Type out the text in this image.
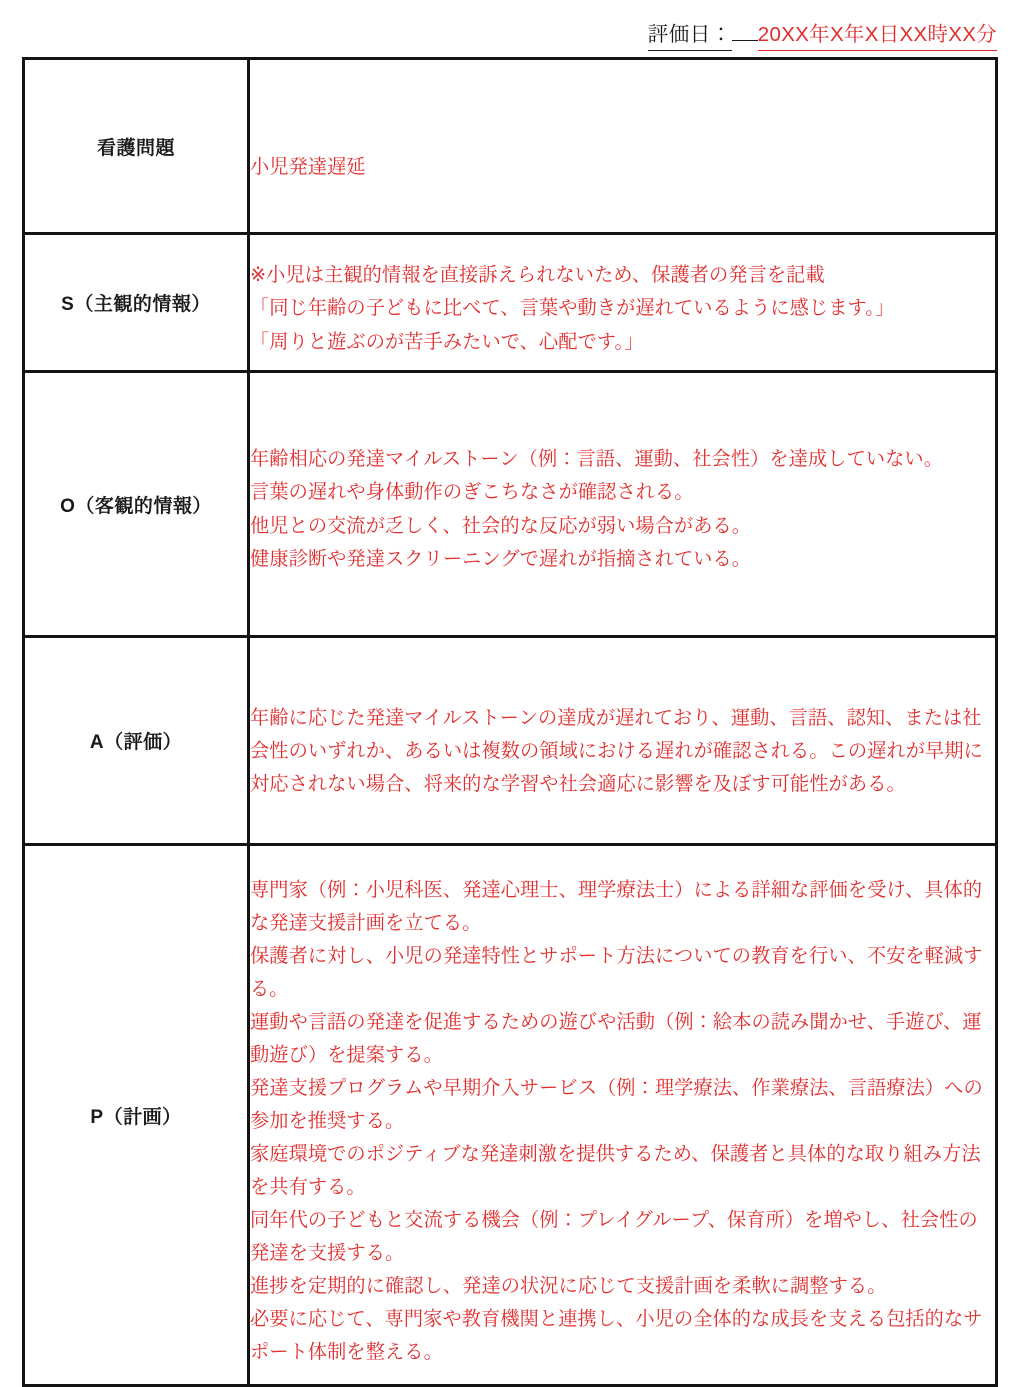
評価日： 20XX年X年X日XX時XX分
看護問題	小児発達遅延
S（主観的情報）	※小児は主観的情報を直接訴えられないため、保護者の発言を記載

「同じ年齢の子どもに比べて、言葉や動きが遅れているように感じます。」

「周りと遊ぶのが苦手みたいで、心配です。」

O（客観的情報）	年齢相応の発達マイルストーン（例：言語、運動、社会性）を達成していない。

言葉の遅れや身体動作のぎこちなさが確認される。

他児との交流が乏しく、社会的な反応が弱い場合がある。

健康診断や発達スクリーニングで遅れが指摘されている。

A（評価）	年齢に応じた発達マイルストーンの達成が遅れており、運動、言語、認知、または社会性のいずれか、あるいは複数の領域における遅れが確認される。この遅れが早期に対応されない場合、将来的な学習や社会適応に影響を及ぼす可能性がある。
P（計画）	

専門家（例：小児科医、発達心理士、理学療法士）による詳細な評価を受け、具体的な発達支援計画を立てる。

保護者に対し、小児の発達特性とサポート方法についての教育を行い、不安を軽減する。

運動や言語の発達を促進するための遊びや活動（例：絵本の読み聞かせ、手遊び、運動遊び）を提案する。

発達支援プログラムや早期介入サービス（例：理学療法、作業療法、言語療法）への参加を推奨する。

家庭環境でのポジティブな発達刺激を提供するため、保護者と具体的な取り組み方法を共有する。

同年代の子どもと交流する機会（例：プレイグループ、保育所）を増やし、社会性の発達を支援する。

進捗を定期的に確認し、発達の状況に応じて支援計画を柔軟に調整する。

必要に応じて、専門家や教育機関と連携し、小児の全体的な成長を支える包括的なサポート体制を整える。
